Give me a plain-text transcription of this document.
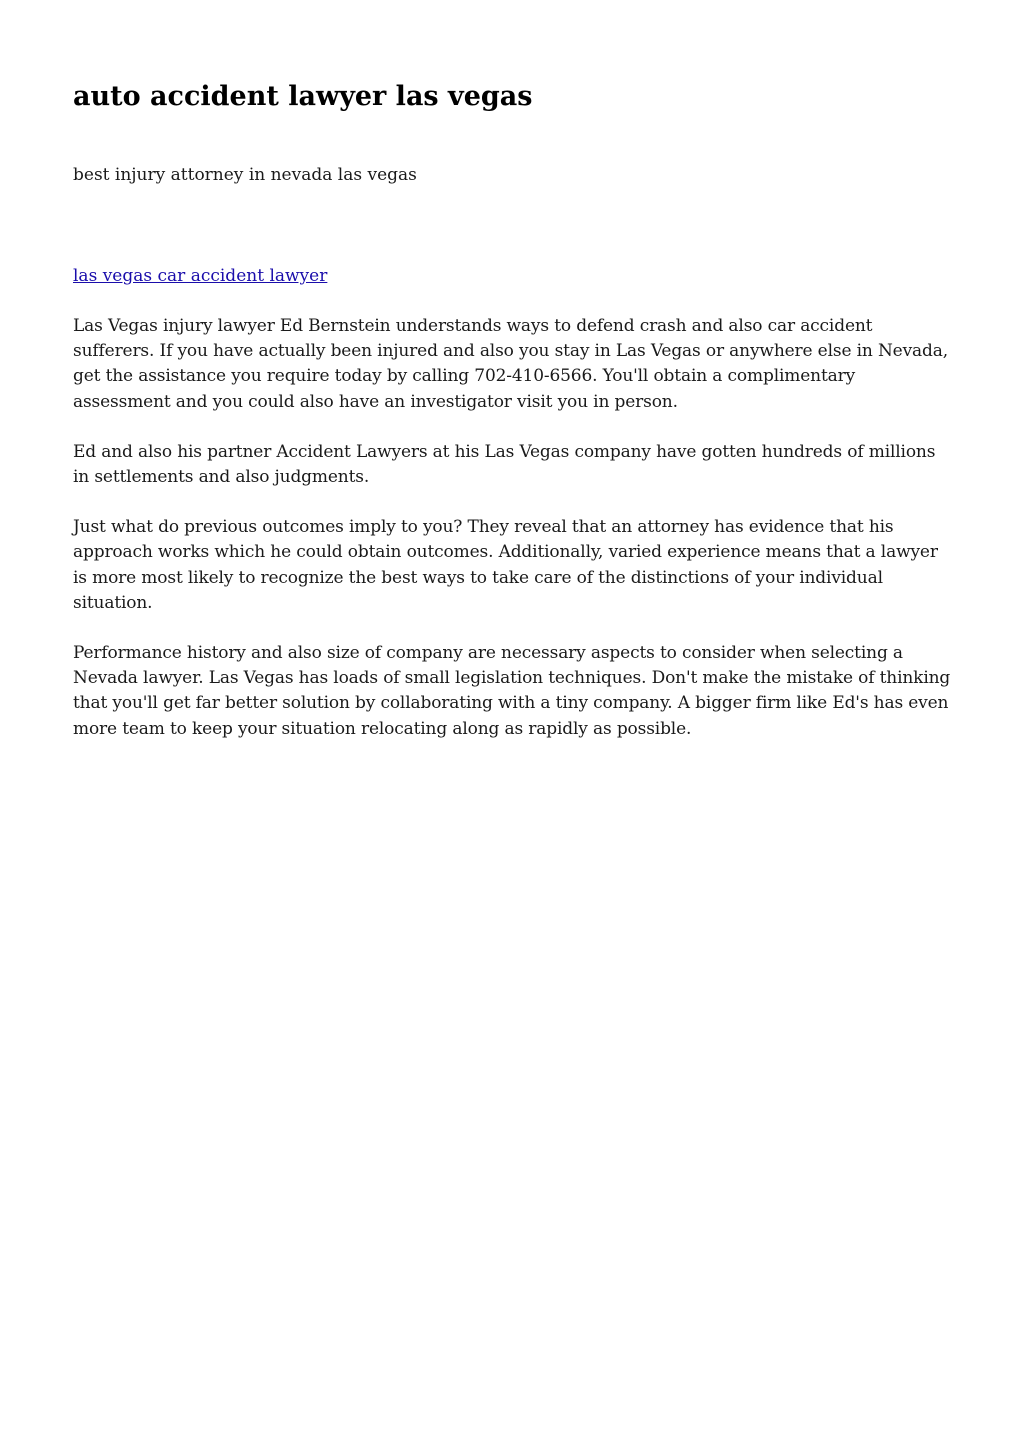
auto accident lawyer las vegas

best injury attorney in nevada las vegas

las vegas car accident lawyer

Las Vegas injury lawyer Ed Bernstein understands ways to defend crash and also car accident sufferers. If you have actually been injured and also you stay in Las Vegas or anywhere else in Nevada, get the assistance you require today by calling 702-410-6566. You'll obtain a complimentary assessment and you could also have an investigator visit you in person.

Ed and also his partner Accident Lawyers at his Las Vegas company have gotten hundreds of millions in settlements and also judgments.

Just what do previous outcomes imply to you? They reveal that an attorney has evidence that his approach works which he could obtain outcomes. Additionally, varied experience means that a lawyer is more most likely to recognize the best ways to take care of the distinctions of your individual situation.

Performance history and also size of company are necessary aspects to consider when selecting a Nevada lawyer. Las Vegas has loads of small legislation techniques. Don't make the mistake of thinking that you'll get far better solution by collaborating with a tiny company. A bigger firm like Ed's has even more team to keep your situation relocating along as rapidly as possible.
